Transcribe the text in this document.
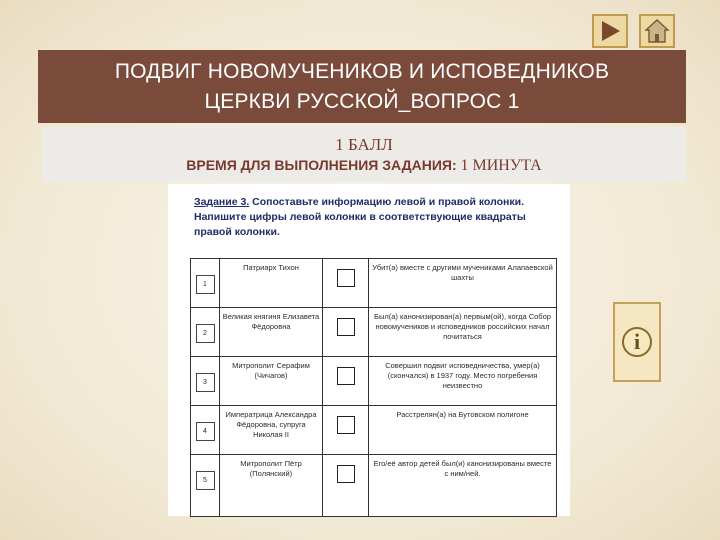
ПОДВИГ НОВОМУЧЕНИКОВ И ИСПОВЕДНИКОВ
ЦЕРКВИ РУССКОЙ_ВОПРОС 1
1 БАЛЛ
ВРЕМЯ ДЛЯ ВЫПОЛНЕНИЯ ЗАДАНИЯ: 1 МИНУТА
Задание 3. Сопоставьте информацию левой и правой колонки. Напишите цифры левой колонки в соответствующие квадраты правой колонки.
1	Патриарх Тихон		Убит(а) вместе с другими мучениками Алапаевской шахты
2	Великая княгиня Елизавета Фёдоровна		Был(а) канонизирован(а) первым(ой), когда Собор новомучеников и исповедников российских начал почитаться
3	Митрополит Серафим (Чичагов)		Совершил подвиг исповедничества, умер(а) (скончался) в 1937 году. Место погребения неизвестно
4	Императрица Александра Фёдоровна, супруга Николая II		Расстрелян(а) на Бутовском полигоне
5	Митрополит Пётр (Полянский)		Его/её автор детей был(и) канонизированы вместе с ним/ней.
i
